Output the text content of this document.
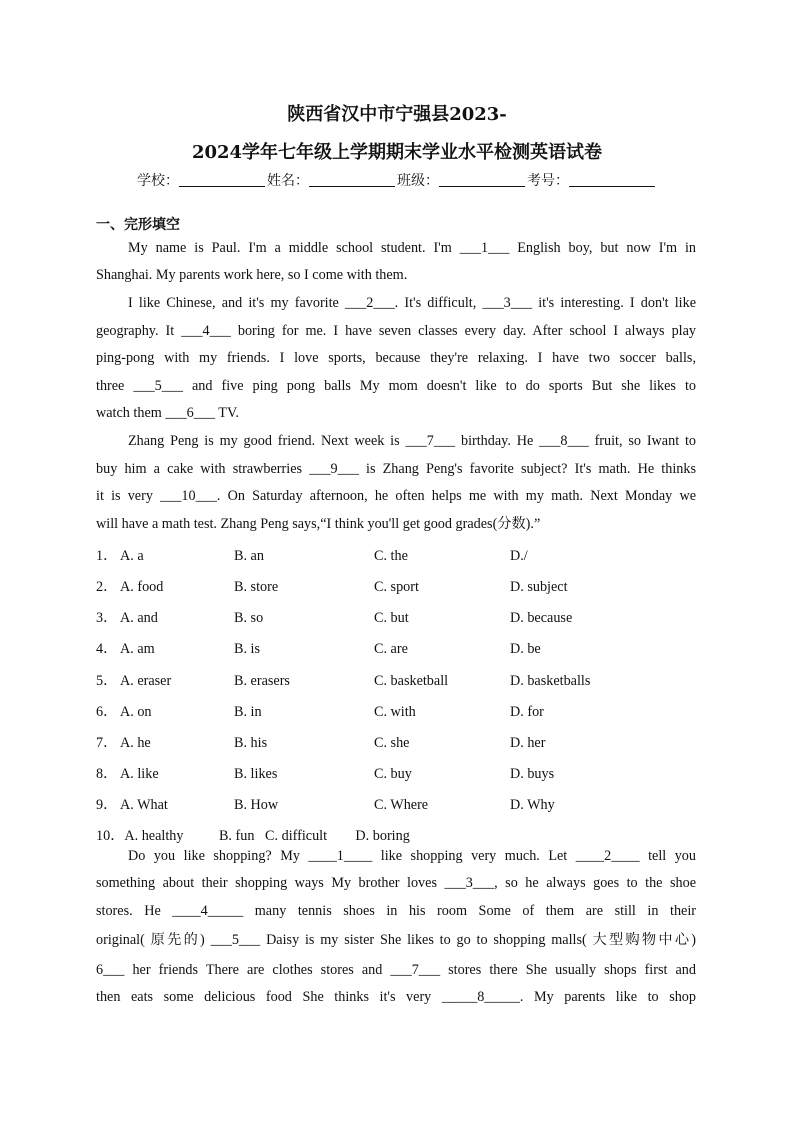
陕西省汉中市宁强县2023-
2024学年七年级上学期期末学业水平检测英语试卷
学校：	姓名：	班级：	考号：
一、完形填空
My name is Paul. I'm a middle school student. I'm ___1___ English boy, but now I'm in
Shanghai. My parents work here, so I come with them.
I like Chinese, and it's my favorite ___2___. It's difficult, ___3___ it's interesting. I don't like
geography. It ___4___ boring for me. I have seven classes every day. After school I always play
ping-pong with my friends. I love sports, because they're relaxing. I have two soccer balls,
three ___5___ and five ping pong balls My mom doesn't like to do sports But she likes to
watch them ___6___ TV.
Zhang Peng is my good friend. Next week is ___7___ birthday. He ___8___ fruit, so Iwant to
buy him a cake with strawberries ___9___ is Zhang Peng's favorite subject? It's math. He thinks
it is very ___10___. On Saturday afternoon, he often helps me with my math. Next Monday we
will have a math test. Zhang Peng says,“I think you'll get good grades(分数).”
1． A. a	B. an	C. the	D./
2． A. food	B. store	C. sport	D. subject
3． A. and	B. so	C. but	D. because
4． A. am	B. is	C. are	D. be
5． A. eraser	B. erasers	C. basketball	D. basketballs
6． A. on	B. in	C. with	D. for
7． A. he	B. his	C. she	D. her
8． A. like	B. likes	C. buy	D. buys
9． A. What	B. How	C. Where	D. Why
10．A. healthy          B. fun   C. difficult        D. boring
Do you like shopping? My ____1____ like shopping very much. Let ____2____ tell you
something about their shopping ways My brother loves ___3___, so he always goes to the shoe
stores. He ____4_____ many tennis shoes in his room Some of them are still in their
original( 原先的) ___5___ Daisy is my sister She likes to go to shopping malls( 大型购物中心)
6___ her friends There are clothes stores and ___7___ stores there She usually shops first and
then eats some delicious food She thinks it's very _____8_____. My parents like to shop
